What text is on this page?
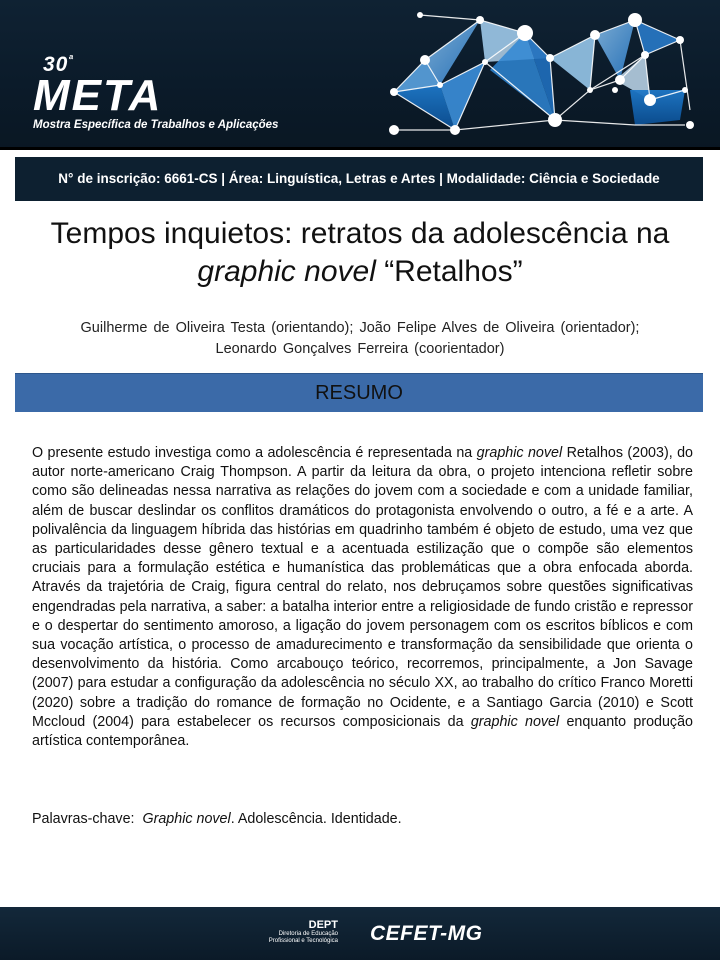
$30^ª$
META
Mostra Específica de Trabalhos e Aplicações
N° de inscrição: 6661-CS | Área: Linguística, Letras e Artes | Modalidade: Ciência e Sociedade
Tempos inquietos: retratos da adolescência na
graphic novel “Retalhos”
Guilherme de Oliveira Testa (orientando); João Felipe Alves de Oliveira (orientador);
Leonardo Gonçalves Ferreira (coorientador)
RESUMO
O presente estudo investiga como a adolescência é representada na graphic novel Retalhos (2003), do autor norte-americano Craig Thompson. A partir da leitura da obra, o projeto intenciona refletir sobre como são delineadas nessa narrativa as relações do jovem com a sociedade e com a unidade familiar, além de buscar deslindar os conflitos dramáticos do protagonista envolvendo o outro, a fé e a arte. A polivalência da linguagem híbrida das histórias em quadrinho também é objeto de estudo, uma vez que as particularidades desse gênero textual e a acentuada estilização que o compõe são elementos cruciais para a formulação estética e humanística das problemáticas que a obra enfocada aborda. Através da trajetória de Craig, figura central do relato, nos debruçamos sobre questões significativas engendradas pela narrativa, a saber: a batalha interior entre a religiosidade de fundo cristão e repressor e o despertar do sentimento amoroso, a ligação do jovem personagem com os escritos bíblicos e com sua vocação artística, o processo de amadurecimento e transformação da sensibilidade que orienta o desenvolvimento da história. Como arcabouço teórico, recorremos, principalmente, a Jon Savage (2007) para estudar a configuração da adolescência no século XX, ao trabalho do crítico Franco Moretti (2020) sobre a tradição do romance de formação no Ocidente, e a Santiago Garcia (2010) e Scott Mccloud (2004) para estabelecer os recursos composicionais da graphic novel enquanto produção artística contemporânea.
Palavras-chave: Graphic novel. Adolescência. Identidade.
DEPT
Diretoria de Educação
Profissional e Tecnológica CEFET-MG
